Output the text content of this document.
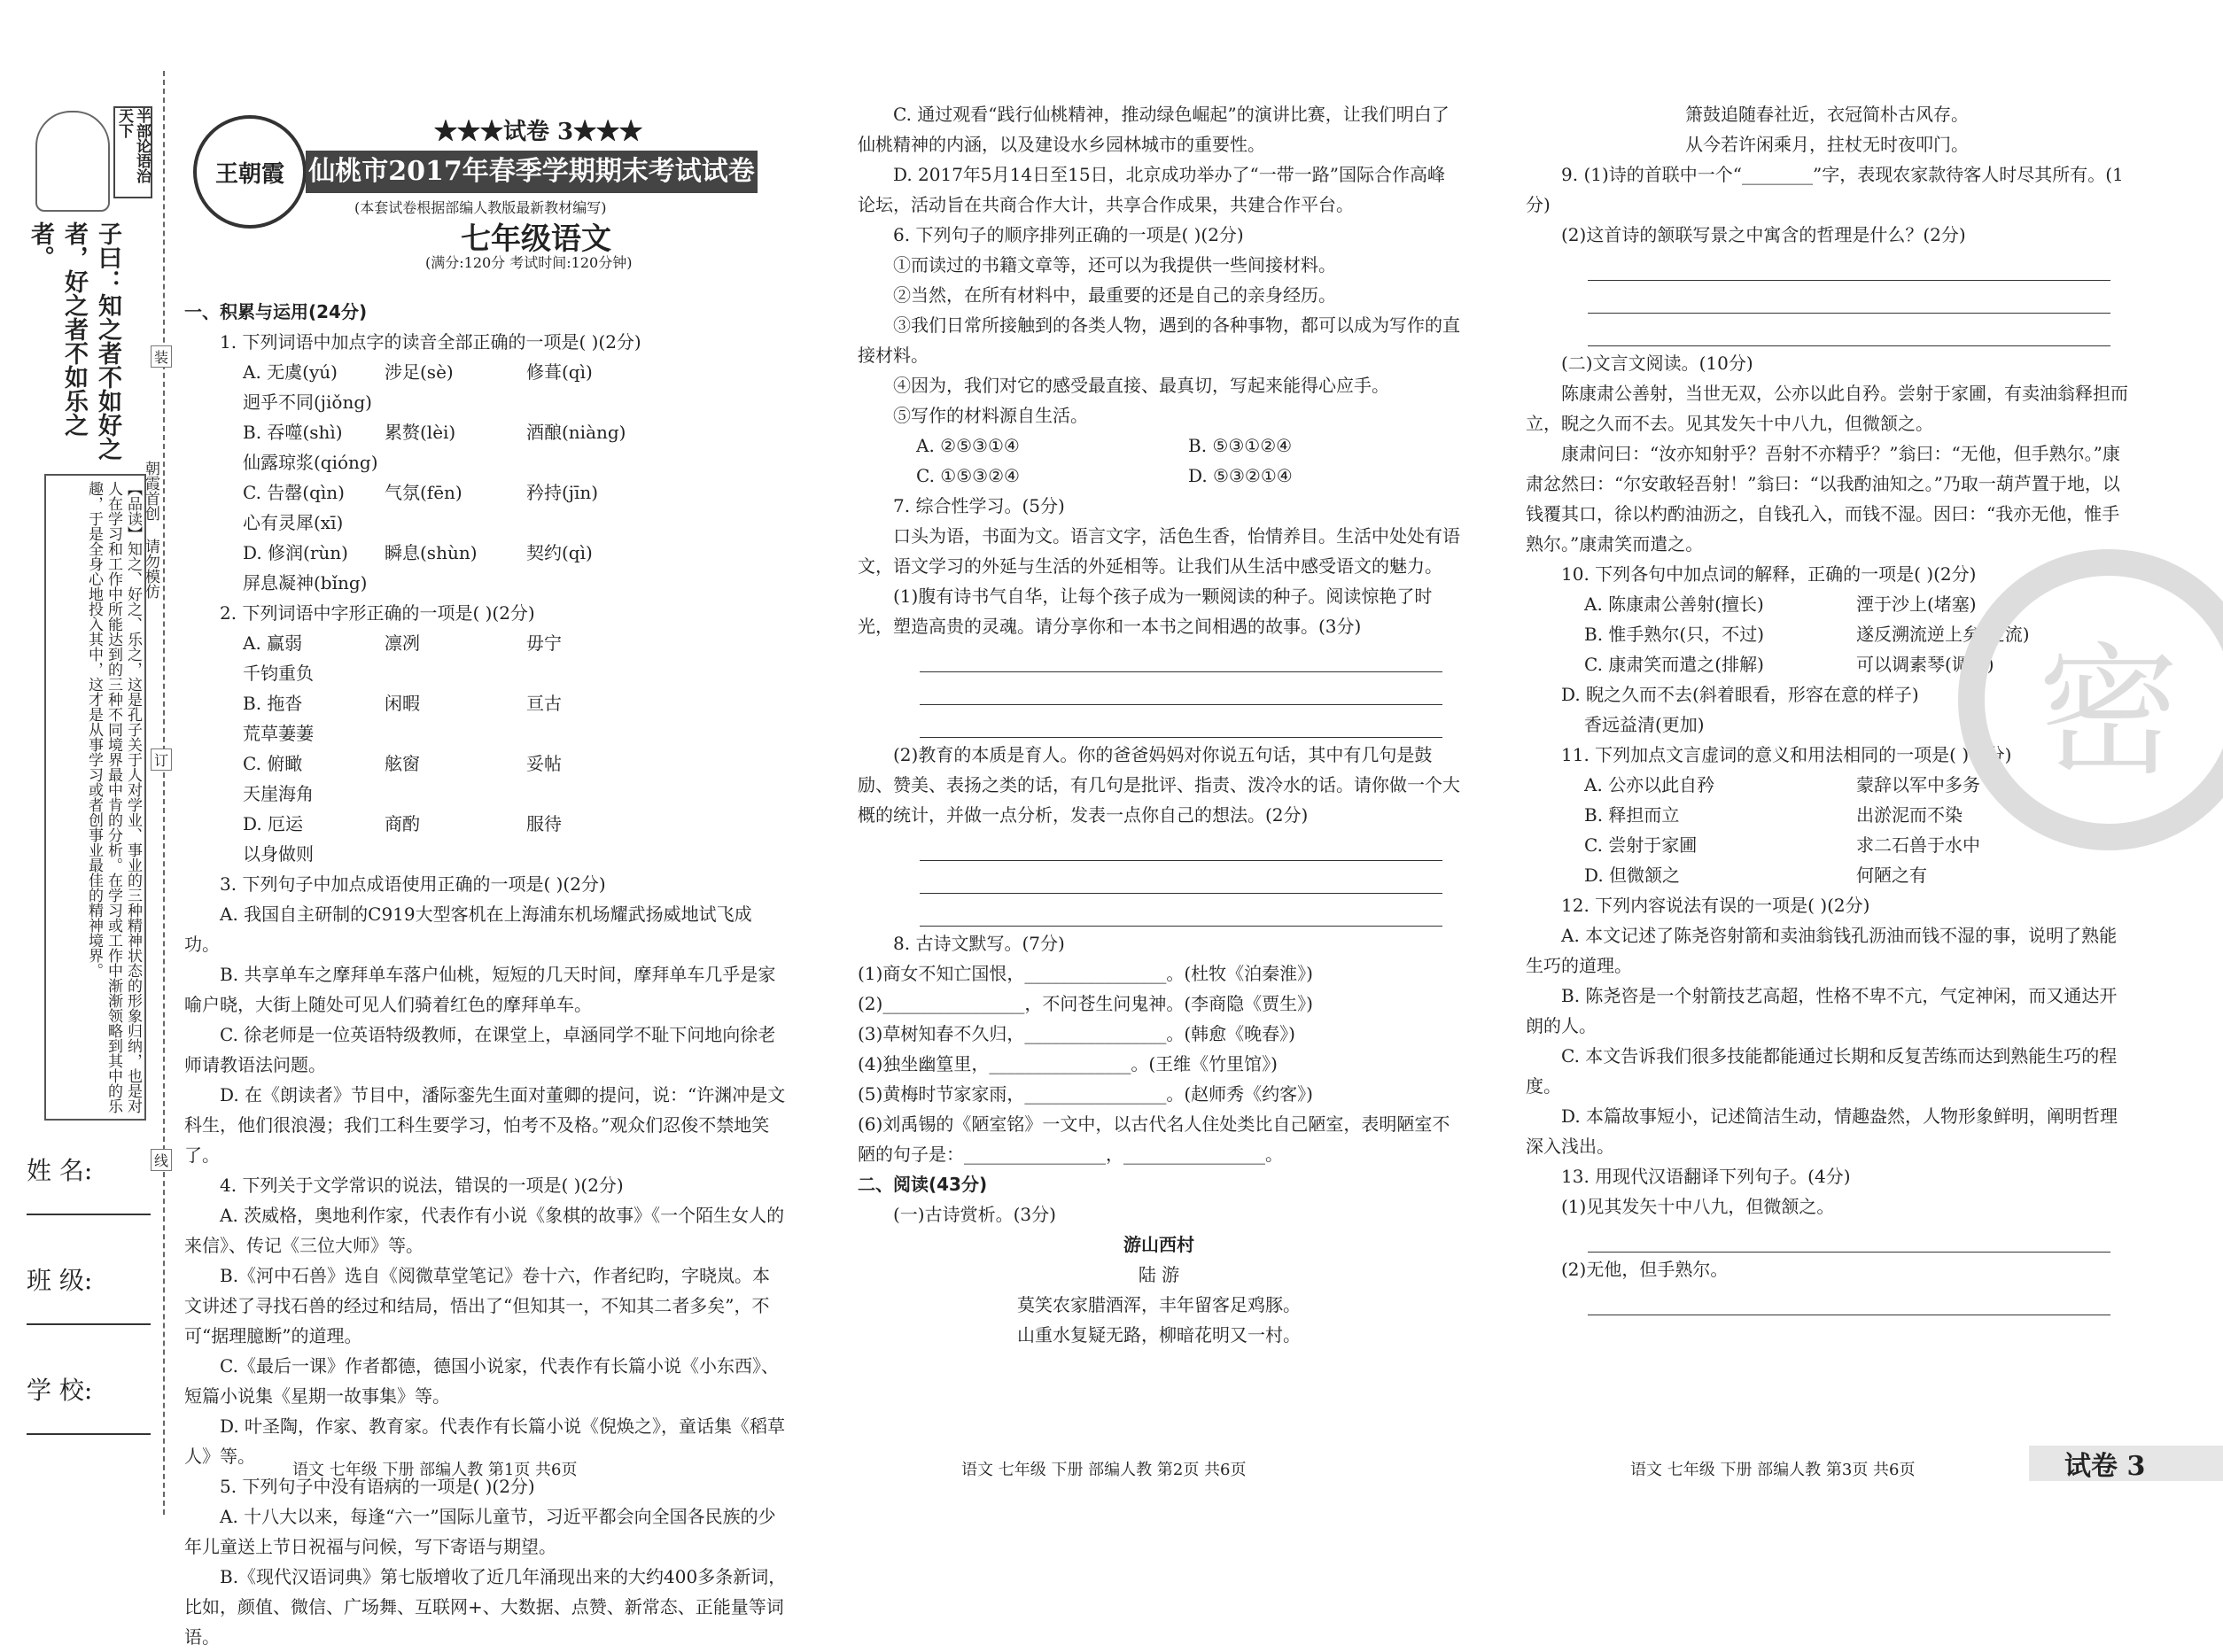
半部论语治天下
子曰：知之者不如好之者，好之者不如乐之者。
【品读】知之、好之、乐之，这是孔子关于人对学业、事业的三种精神状态的形象归纳，也是对人在学习和工作中所能达到的三种不同境界最中肯的分析。在学习或工作中渐渐领略到其中的乐趣，于是全身心地投入其中，这才是从事学习或者创事业最佳的精神境界。	朝霞首创 请勿模仿
姓 名:
班 级:
学 校:
装
订
线
王朝霞
★★★试卷 3★★★
仙桃市2017年春季学期期末考试试卷
(本套试卷根据部编人教版最新教材编写)
七年级语文
(满分:120分 考试时间:120分钟)

一、积累与运用(24分)

1. 下列词语中加点字的读音全部正确的一项是( )(2分)

A. 无虞(yú)	涉足(sè)	修葺(qì)
迥乎不同(jiǒng)
B. 吞噬(shì)	累赘(lèi)	酒酿(niàng)
仙露琼浆(qióng)
C. 告罄(qìn)	气氛(fēn)	矜持(jīn)
心有灵犀(xī)
D. 修润(rùn)	瞬息(shùn)	契约(qì)
屏息凝神(bǐng)

2. 下列词语中字形正确的一项是( )(2分)

A. 赢弱	凛冽	毋宁
千钧重负
B. 拖沓	闲暇	亘古
荒草萋萋
C. 俯瞰	舷窗	妥帖
天崖海角
D. 厄运	商酌	服待
以身做则

3. 下列句子中加点成语使用正确的一项是( )(2分)

A. 我国自主研制的C919大型客机在上海浦东机场耀武扬威地试飞成功。

B. 共享单车之摩拜单车落户仙桃，短短的几天时间，摩拜单车几乎是家喻户晓，大街上随处可见人们骑着红色的摩拜单车。

C. 徐老师是一位英语特级教师，在课堂上，卓涵同学不耻下问地向徐老师请教语法问题。

D. 在《朗读者》节目中，潘际銮先生面对董卿的提问，说：“许渊冲是文科生，他们很浪漫；我们工科生要学习，怕考不及格。”观众们忍俊不禁地笑了。

4. 下列关于文学常识的说法，错误的一项是( )(2分)

A. 茨威格，奥地利作家，代表作有小说《象棋的故事》《一个陌生女人的来信》、传记《三位大师》等。

B.《河中石兽》选自《阅微草堂笔记》卷十六，作者纪昀，字晓岚。本文讲述了寻找石兽的经过和结局，悟出了“但知其一，不知其二者多矣”，不可“据理臆断”的道理。

C.《最后一课》作者都德，德国小说家，代表作有长篇小说《小东西》、短篇小说集《星期一故事集》等。

D. 叶圣陶，作家、教育家。代表作有长篇小说《倪焕之》，童话集《稻草人》等。

5. 下列句子中没有语病的一项是( )(2分)

A. 十八大以来，每逢“六一”国际儿童节，习近平都会向全国各民族的少年儿童送上节日祝福与问候，写下寄语与期望。

B.《现代汉语词典》第七版增收了近几年涌现出来的大约400多条新词，比如，颜值、微信、广场舞、互联网+、大数据、点赞、新常态、正能量等词语。

C. 通过观看“践行仙桃精神，推动绿色崛起”的演讲比赛，让我们明白了仙桃精神的内涵，以及建设水乡园林城市的重要性。

D. 2017年5月14日至15日，北京成功举办了“一带一路”国际合作高峰论坛，活动旨在共商合作大计，共享合作成果，共建合作平台。

6. 下列句子的顺序排列正确的一项是( )(2分)

①而读过的书籍文章等，还可以为我提供一些间接材料。

②当然，在所有材料中，最重要的还是自己的亲身经历。

③我们日常所接触到的各类人物，遇到的各种事物，都可以成为写作的直接材料。

④因为，我们对它的感受最直接、最真切，写起来能得心应手。

⑤写作的材料源自生活。

A. ②⑤③①④	B. ⑤③①②④
C. ①⑤③②④	D. ⑤③②①④

7. 综合性学习。(5分)

口头为语，书面为文。语言文字，活色生香，怡情养目。生活中处处有语文，语文学习的外延与生活的外延相等。让我们从生活中感受语文的魅力。

(1)腹有诗书气自华，让每个孩子成为一颗阅读的种子。阅读惊艳了时光，塑造高贵的灵魂。请分享你和一本书之间相遇的故事。(3分)

(2)教育的本质是育人。你的爸爸妈妈对你说五句话，其中有几句是鼓励、赞美、表扬之类的话，有几句是批评、指责、泼冷水的话。请你做一个大概的统计，并做一点分析，发表一点你自己的想法。(2分)

8. 古诗文默写。(7分)

(1)商女不知亡国恨，________________。(杜牧《泊秦淮》)

(2)________________，不问苍生问鬼神。(李商隐《贾生》)

(3)草树知春不久归，________________。(韩愈《晚春》)

(4)独坐幽篁里，________________。(王维《竹里馆》)

(5)黄梅时节家家雨，________________。(赵师秀《约客》)

(6)刘禹锡的《陋室铭》一文中，以古代名人住处类比自己陋室，表明陋室不陋的句子是：________________，________________。

二、阅读(43分)

(一)古诗赏析。(3分)

游山西村

陆 游

莫笑农家腊酒浑，丰年留客足鸡豚。

山重水复疑无路，柳暗花明又一村。

箫鼓追随春社近，衣冠简朴古风存。

从今若许闲乘月，拄杖无时夜叩门。

9. (1)诗的首联中一个“________”字，表现农家款待客人时尽其所有。(1分)

(2)这首诗的颔联写景之中寓含的哲理是什么？(2分)

(二)文言文阅读。(10分)

陈康肃公善射，当世无双，公亦以此自矜。尝射于家圃，有卖油翁释担而立，睨之久而不去。见其发矢十中八九，但微颔之。

康肃问曰：“汝亦知射乎？吾射不亦精乎？”翁曰：“无他，但手熟尔。”康肃忿然曰：“尔安敢轻吾射！”翁曰：“以我酌油知之。”乃取一葫芦置于地，以钱覆其口，徐以杓酌油沥之，自钱孔入，而钱不湿。因曰：“我亦无他，惟手熟尔。”康肃笑而遣之。

10. 下列各句中加点词的解释，正确的一项是( )(2分)

A. 陈康肃公善射(擅长)	湮于沙上(堵塞)
B. 惟手熟尔(只，不过)	遂反溯流逆上矣(逆流)
C. 康肃笑而遣之(排解)	可以调素琴(调弄)

D. 睨之久而不去(斜着眼看，形容在意的样子)

香远益清(更加)

11. 下列加点文言虚词的意义和用法相同的一项是( )(2分)

A. 公亦以此自矜	蒙辞以军中多务
B. 释担而立	出淤泥而不染
C. 尝射于家圃	求二石兽于水中
D. 但微颔之	何陋之有

12. 下列内容说法有误的一项是( )(2分)

A. 本文记述了陈尧咨射箭和卖油翁钱孔沥油而钱不湿的事，说明了熟能生巧的道理。

B. 陈尧咨是一个射箭技艺高超，性格不卑不亢，气定神闲，而又通达开朗的人。

C. 本文告诉我们很多技能都能通过长期和反复苦练而达到熟能生巧的程度。

D. 本篇故事短小，记述简洁生动，情趣盎然，人物形象鲜明，阐明哲理深入浅出。

13. 用现代汉语翻译下列句子。(4分)

(1)见其发矢十中八九，但微颔之。

(2)无他，但手熟尔。

密
语文 七年级 下册 部编人教 第1页 共6页	语文 七年级 下册 部编人教 第2页 共6页	语文 七年级 下册 部编人教 第3页 共6页	试卷 3
